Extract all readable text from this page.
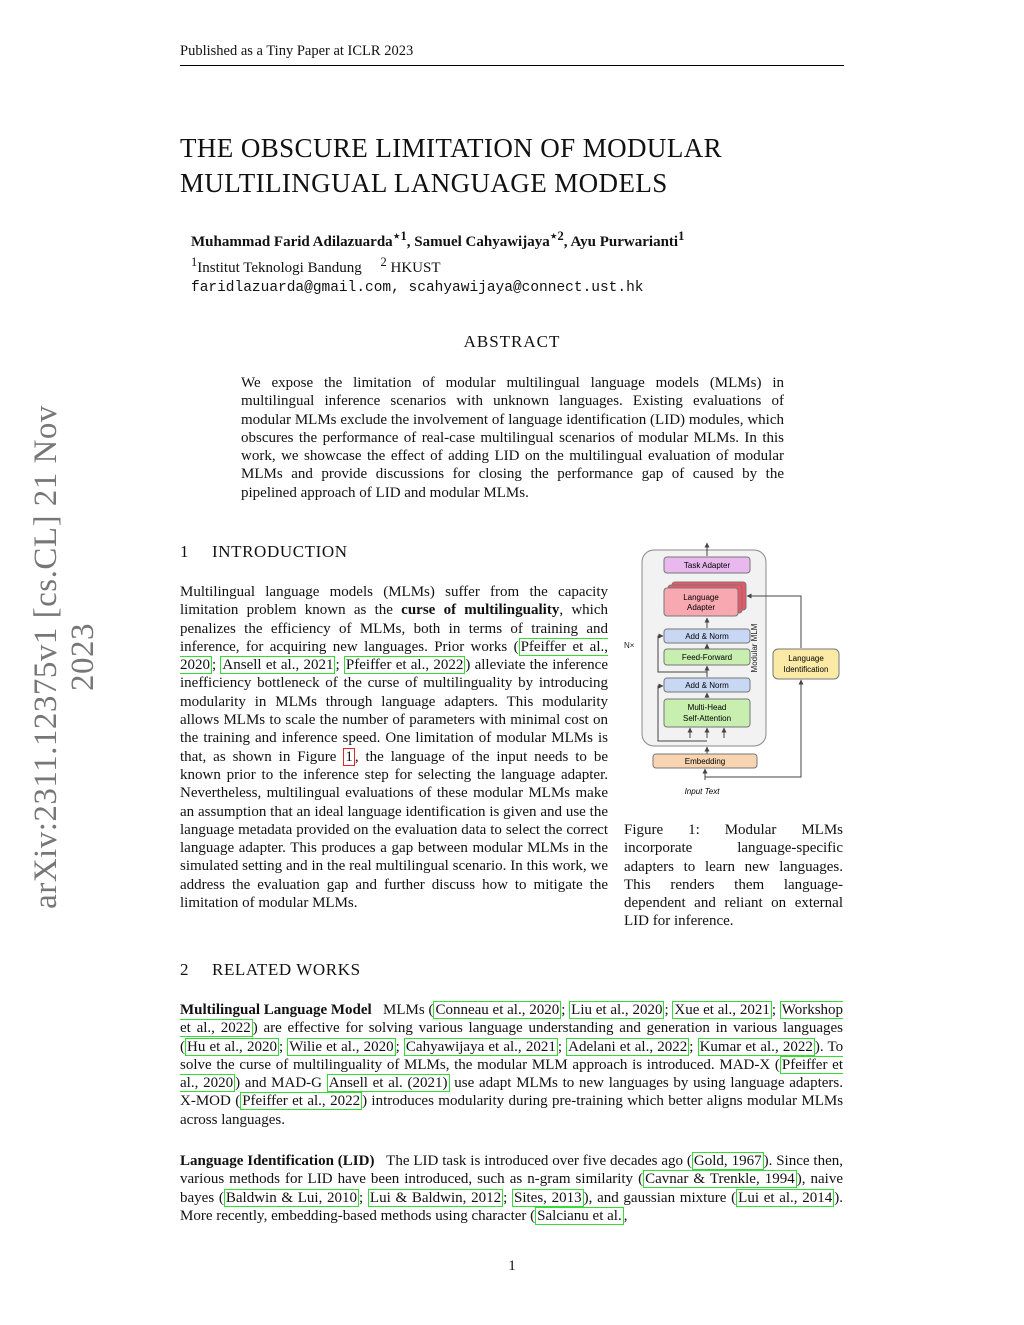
Published as a Tiny Paper at ICLR 2023
THE OBSCURE LIMITATION OF MODULAR
MULTILINGUAL LANGUAGE MODELS
Muhammad Farid Adilazuarda$^{⋆1}$, Samuel Cahyawijaya$^{⋆2}$, Ayu Purwarianti$^1$
$^1$Institut Teknologi Bandung $^2$ HKUST
faridlazuarda@gmail.com, scahyawijaya@connect.ust.hk
arXiv:2311.12375v1 [cs.CL] 21 Nov 2023
ABSTRACT
We expose the limitation of modular multilingual language models (MLMs) in multilingual inference scenarios with unknown languages. Existing evaluations of modular MLMs exclude the involvement of language identification (LID) modules, which obscures the performance of real-case multilingual scenarios of modular MLMs. In this work, we showcase the effect of adding LID on the multilingual evaluation of modular MLMs and provide discussions for closing the performance gap of caused by the pipelined approach of LID and modular MLMs.
1 INTRODUCTION

Multilingual language models (MLMs) suffer from the capacity limitation problem known as the curse of multilinguality, which penalizes the efficiency of MLMs, both in terms of training and inference, for acquiring new languages. Prior works ( Pfeiffer et al., 2020 ; Ansell et al., 2021 ; Pfeiffer et al., 2022 ) alleviate the inference inefficiency bottleneck of the curse of multilinguality by introducing modularity in MLMs through language adapters. This modularity allows MLMs to scale the number of parameters with minimal cost on the training and inference speed. One limitation of modular MLMs is that, as shown in Figure 1 , the language of the input needs to be known prior to the inference step for selecting the language adapter. Nevertheless, multilingual evaluations of these modular MLMs make an assumption that an ideal language identification is given and use the language metadata provided on the evaluation data to select the correct language adapter. This produces a gap between modular MLMs in the simulated setting and in the real multilingual scenario. In this work, we address the evaluation gap and further discuss how to mitigate the limitation of modular MLMs.

Modular MLM
N×
Task Adapter
Language
Adapter
Add & Norm
Feed-Forward
Add & Norm
Multi-Head
Self-Attention
Embedding
Input Text
Language
Identification
Figure 1: Modular MLMs incorporate language-specific adapters to learn new languages. This renders them language-dependent and reliant on external LID for inference.
2 RELATED WORKS

Multilingual Language Model MLMs ( Conneau et al., 2020 ; Liu et al., 2020 ; Xue et al., 2021 ; Workshop et al., 2022 ) are effective for solving various language understanding and generation in various languages ( Hu et al., 2020 ; Wilie et al., 2020 ; Cahyawijaya et al., 2021 ; Adelani et al., 2022 ; Kumar et al., 2022 ). To solve the curse of multilinguality of MLMs, the modular MLM approach is introduced. MAD-X ( Pfeiffer et al., 2020 ) and MAD-G Ansell et al. (2021) use adapt MLMs to new languages by using language adapters. X-MOD ( Pfeiffer et al., 2022 ) introduces modularity during pre-training which better aligns modular MLMs across languages.

Language Identification (LID) The LID task is introduced over five decades ago ( Gold, 1967 ). Since then, various methods for LID have been introduced, such as n-gram similarity ( Cavnar & Trenkle, 1994 ), naive bayes ( Baldwin & Lui, 2010 ; Lui & Baldwin, 2012 ; Sites, 2013 ), and gaussian mixture ( Lui et al., 2014 ). More recently, embedding-based methods using character ( Salcianu et al. ,

1
